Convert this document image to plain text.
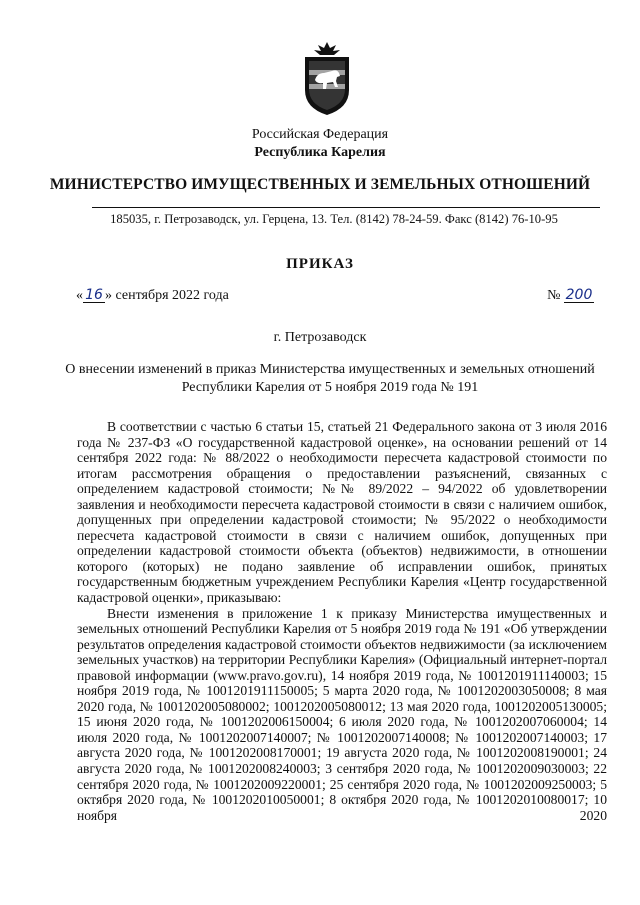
Российская Федерация
Республика Карелия
МИНИСТЕРСТВО ИМУЩЕСТВЕННЫХ И ЗЕМЕЛЬНЫХ ОТНОШЕНИЙ
185035, г. Петрозаводск, ул. Герцена, 13. Тел. (8142) 78-24-59. Факс (8142) 76-10-95
ПРИКАЗ
« 16 » сентября 2022 года	№ 200
г. Петрозаводск
О внесении изменений в приказ Министерства имущественных и земельных отношений Республики Карелия от 5 ноября 2019 года № 191

В соответствии с частью 6 статьи 15, статьей 21 Федерального закона от 3 июля 2016 года № 237-ФЗ «О государственной кадастровой оценке», на основании решений от 14 сентября 2022 года: № 88/2022 о необходимости пересчета кадастровой стоимости по итогам рассмотрения обращения о предоставлении разъяснений, связанных с определением кадастровой стоимости; №№ 89/2022 – 94/2022 об удовлетворении заявления и необходимости пересчета кадастровой стоимости в связи с наличием ошибок, допущенных при определении кадастровой стоимости; № 95/2022 о необходимости пересчета кадастровой стоимости в связи с наличием ошибок, допущенных при определении кадастровой стоимости объекта (объектов) недвижимости, в отношении которого (которых) не подано заявление об исправлении ошибок, принятых государственным бюджетным учреждением Республики Карелия «Центр государственной кадастровой оценки», приказываю:

Внести изменения в приложение 1 к приказу Министерства имущественных и земельных отношений Республики Карелия от 5 ноября 2019 года № 191 «Об утверждении результатов определения кадастровой стоимости объектов недвижимости (за исключением земельных участков) на территории Республики Карелия» (Официальный интернет-портал правовой информации (www.pravo.gov.ru), 14 ноября 2019 года, № 1001201911140003; 15 ноября 2019 года, № 1001201911150005; 5 марта 2020 года, № 1001202003050008; 8 мая 2020 года, № 1001202005080002; 1001202005080012; 13 мая 2020 года, 1001202005130005; 15 июня 2020 года, № 1001202006150004; 6 июля 2020 года, № 1001202007060004; 14 июля 2020 года, № 1001202007140007; № 1001202007140008; № 1001202007140003; 17 августа 2020 года, № 1001202008170001; 19 августа 2020 года, № 1001202008190001; 24 августа 2020 года, № 1001202008240003; 3 сентября 2020 года, № 1001202009030003; 22 сентября 2020 года, № 1001202009220001; 25 сентября 2020 года, № 1001202009250003; 5 октября 2020 года, № 1001202010050001; 8 октября 2020 года, № 1001202010080017; 10 ноября 2020
